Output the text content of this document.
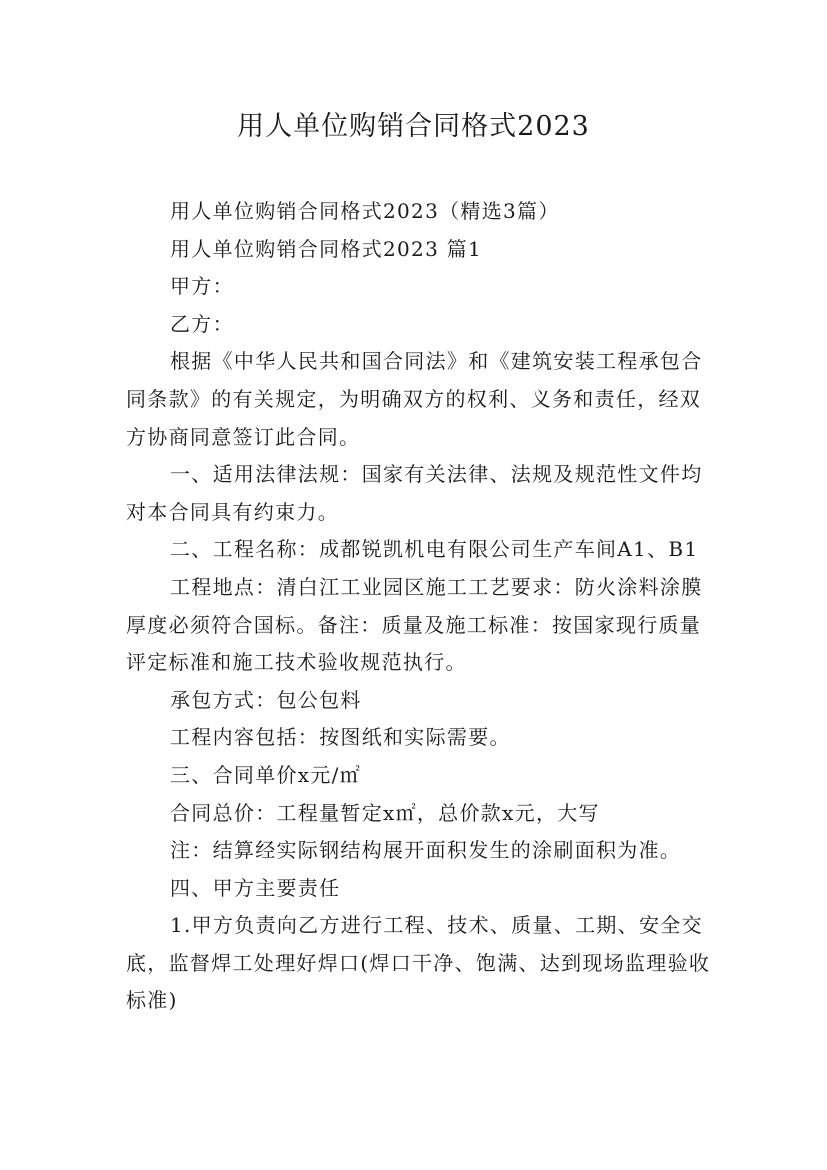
用人单位购销合同格式2023

用人单位购销合同格式2023（精选3篇）

用人单位购销合同格式2023 篇1

甲方：

乙方：

根据《中华人民共和国合同法》和《建筑安装工程承包合同条款》的有关规定，为明确双方的权利、义务和责任，经双方协商同意签订此合同。

一、适用法律法规：国家有关法律、法规及规范性文件均对本合同具有约束力。

二、工程名称：成都锐凯机电有限公司生产车间A1、B1

工程地点：清白江工业园区施工工艺要求：防火涂料涂膜厚度必须符合国标。备注：质量及施工标准：按国家现行质量评定标准和施工技术验收规范执行。

承包方式：包公包料

工程内容包括：按图纸和实际需要。

三、合同单价x元/㎡

合同总价：工程量暂定x㎡，总价款x元，大写

注：结算经实际钢结构展开面积发生的涂刷面积为准。

四、甲方主要责任

1.甲方负责向乙方进行工程、技术、质量、工期、安全交底，监督焊工处理好焊口(焊口干净、饱满、达到现场监理验收标准)
